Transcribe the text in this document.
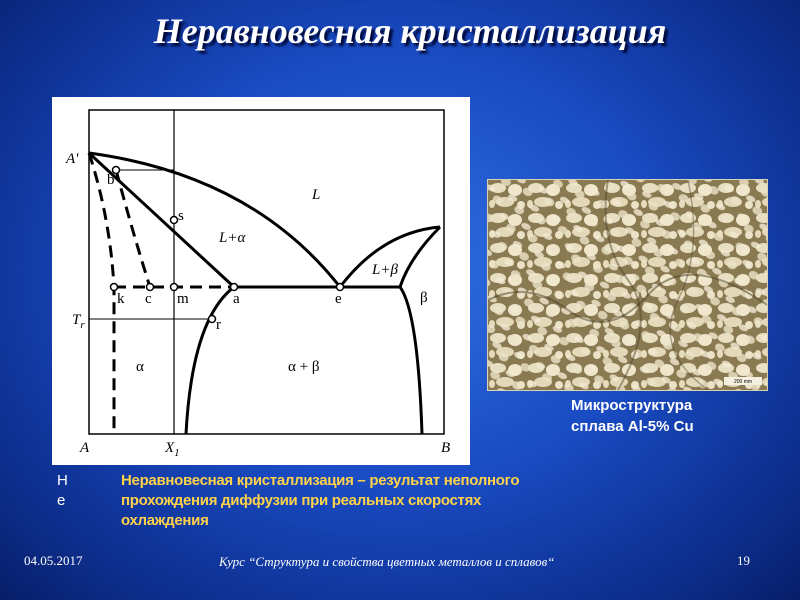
Неравновесная кристаллизация
A'
L
L+α
L+β
b
s
k c m	a	e
r
β
α	α + β
$T_r$
A	$X_1$	B
200 mm
Микроструктура
сплава Al-5% Cu
Не
Неравновесная кристаллизация – результат неполного прохождения диффузии при реальных скоростях охлаждения
04.05.2017	Курс “Структура и свойства цветных металлов и сплавов“	19
